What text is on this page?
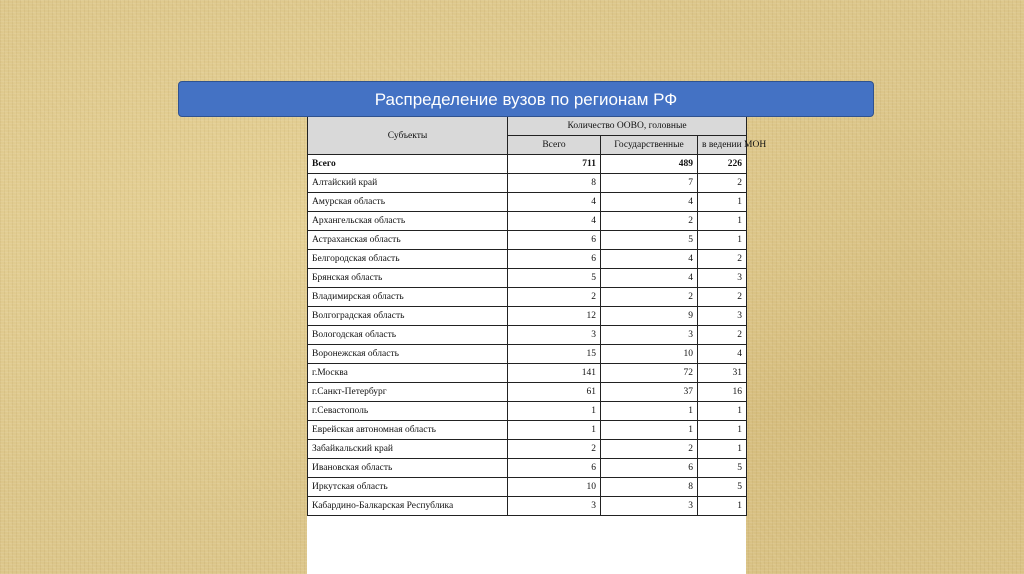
Распределение вузов по регионам РФ
Субъекты	Количество ООВО, головные		
	Всего	Государственные	в ведении МОН
Всего	711	489	226
Алтайский край	8	7	2
Амурская область	4	4	1
Архангельская область	4	2	1
Астраханская область	6	5	1
Белгородская область	6	4	2
Брянская область	5	4	3
Владимирская область	2	2	2
Волгоградская область	12	9	3
Вологодская область	3	3	2
Воронежская область	15	10	4
г.Москва	141	72	31
г.Санкт-Петербург	61	37	16
г.Севастополь	1	1	1
Еврейская автономная область	1	1	1
Забайкальский край	2	2	1
Ивановская область	6	6	5
Иркутская область	10	8	5
Кабардино-Балкарская Республика	3	3	1
